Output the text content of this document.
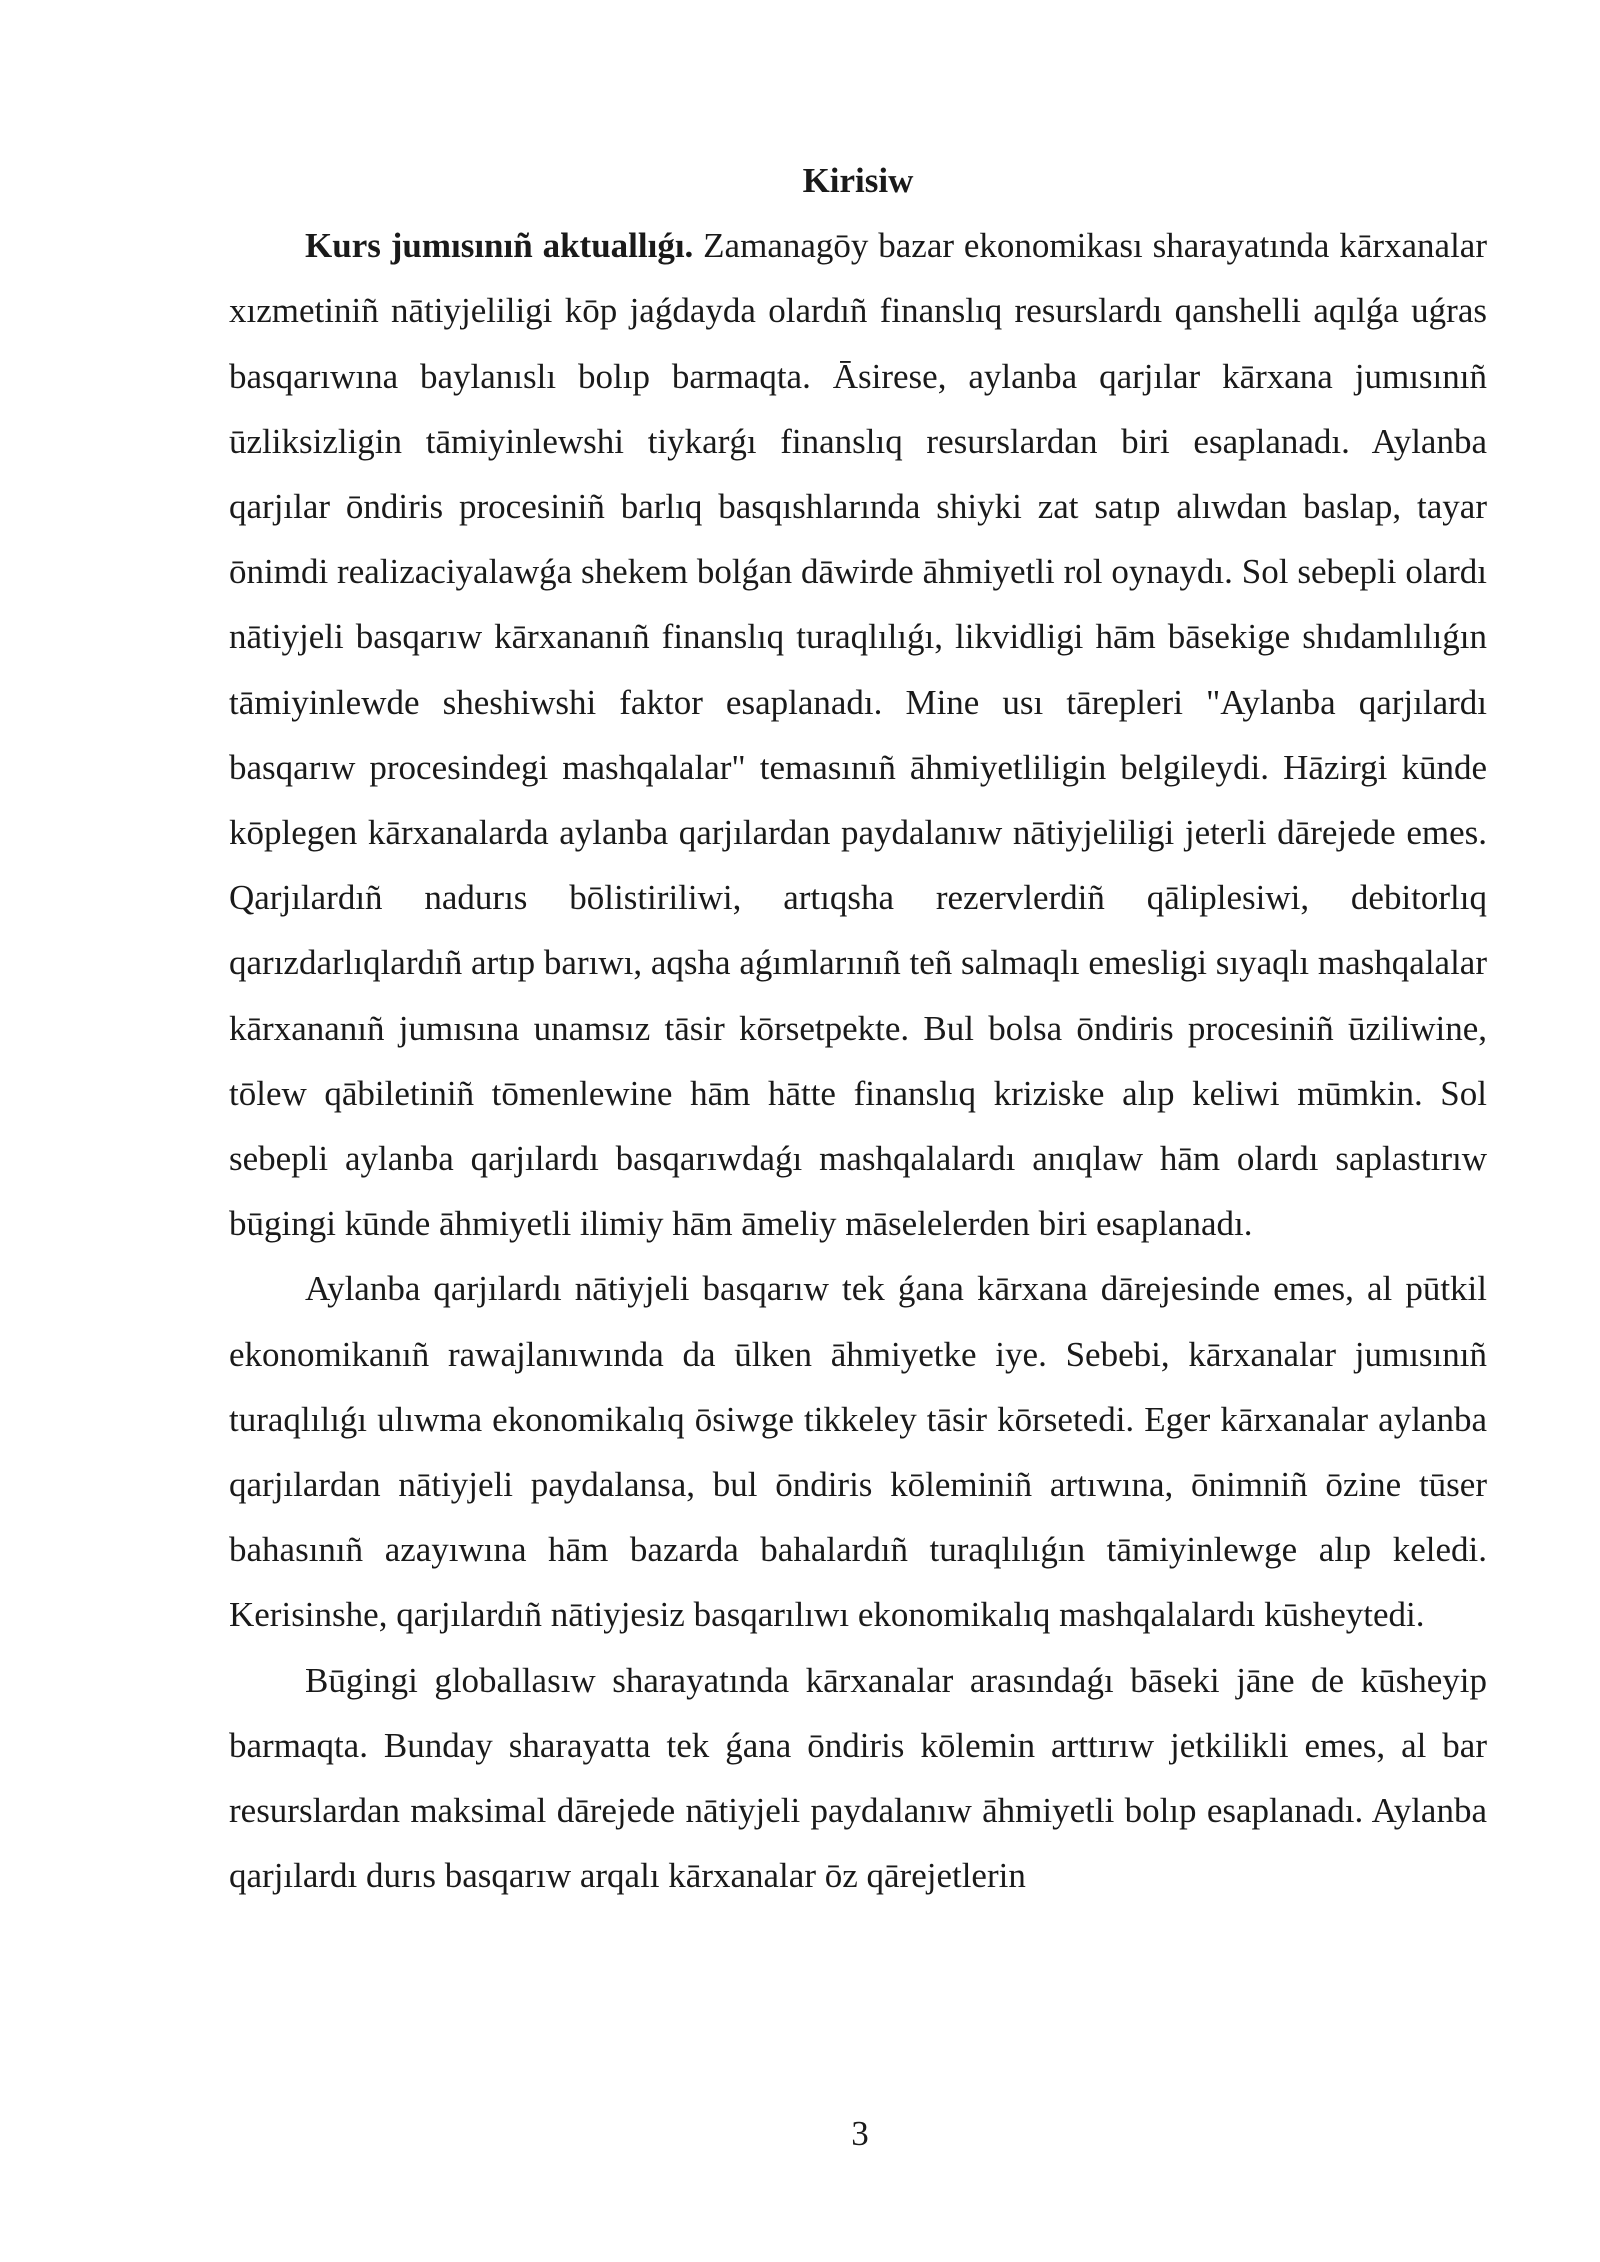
Kirisiw

Kurs jumısınıñ aktuallıǵı. Zamanagōy bazar ekonomikası sharayatında kārxanalar xızmetiniñ nātiyjeliligi kōp jaǵdayda olardıñ finanslıq resurslardı qanshelli aqılǵa uǵras basqarıwına baylanıslı bolıp barmaqta. Āsirese, aylanba qarjılar kārxana jumısınıñ ūzliksizligin tāmiyinlewshi tiykarǵı finanslıq resurslardan biri esaplanadı. Aylanba qarjılar ōndiris procesiniñ barlıq basqıshlarında shiyki zat satıp alıwdan baslap, tayar ōnimdi realizaciyalawǵa shekem bolǵan dāwirde āhmiyetli rol oynaydı. Sol sebepli olardı nātiyjeli basqarıw kārxananıñ finanslıq turaqlılıǵı, likvidligi hām bāsekige shıdamlılıǵın tāmiyinlewde sheshiwshi faktor esaplanadı. Mine usı tārepleri "Aylanba qarjılardı basqarıw procesindegi mashqalalar" temasınıñ āhmiyetliligin belgileydi. Hāzirgi kūnde kōplegen kārxanalarda aylanba qarjılardan paydalanıw nātiyjeliligi jeterli dārejede emes. Qarjılardıñ nadurıs bōlistiriliwi, artıqsha rezervlerdiñ qāliplesiwi, debitorlıq qarızdarlıqlardıñ artıp barıwı, aqsha aǵımlarınıñ teñ salmaqlı emesligi sıyaqlı mashqalalar kārxananıñ jumısına unamsız tāsir kōrsetpekte. Bul bolsa ōndiris procesiniñ ūziliwine, tōlew qābiletiniñ tōmenlewine hām hātte finanslıq kriziske alıp keliwi mūmkin. Sol sebepli aylanba qarjılardı basqarıwdaǵı mashqalalardı anıqlaw hām olardı saplastırıw būgingi kūnde āhmiyetli ilimiy hām āmeliy māselelerden biri esaplanadı.

Aylanba qarjılardı nātiyjeli basqarıw tek ǵana kārxana dārejesinde emes, al pūtkil ekonomikanıñ rawajlanıwında da ūlken āhmiyetke iye. Sebebi, kārxanalar jumısınıñ turaqlılıǵı ulıwma ekonomikalıq ōsiwge tikkeley tāsir kōrsetedi. Eger kārxanalar aylanba qarjılardan nātiyjeli paydalansa, bul ōndiris kōleminiñ artıwına, ōnimniñ ōzine tūser bahasınıñ azayıwına hām bazarda bahalardıñ turaqlılıǵın tāmiyinlewge alıp keledi. Kerisinshe, qarjılardıñ nātiyjesiz basqarılıwı ekonomikalıq mashqalalardı kūsheytedi.

Būgingi globallasıw sharayatında kārxanalar arasındaǵı bāseki jāne de kūsheyip barmaqta. Bunday sharayatta tek ǵana ōndiris kōlemin arttırıw jetkilikli emes, al bar resurslardan maksimal dārejede nātiyjeli paydalanıw āhmiyetli bolıp esaplanadı. Aylanba qarjılardı durıs basqarıw arqalı kārxanalar ōz qārejetlerin

3
